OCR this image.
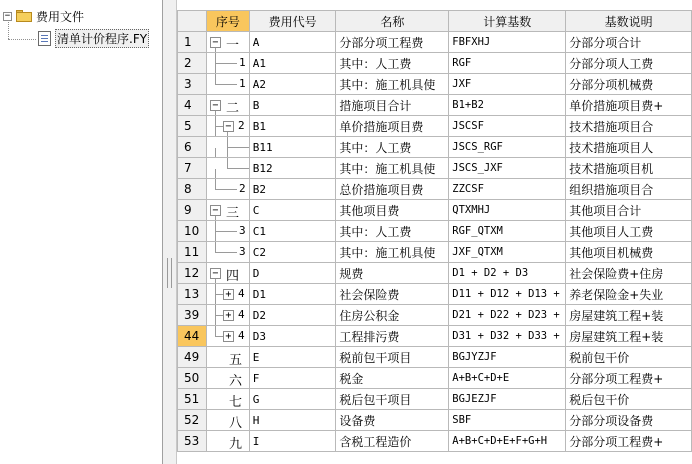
− 费用文件
清单计价程序.FY
	序号	费用代号	名称	计算基数	基数说明
1	− 一	A	分部分项工程费	FBFXHJ	分部分项合计
2	1	A1	其中：人工费	RGF	分部分项人工费
3	1	A2	其中：施工机具使	JXF	分部分项机械费
4	− 二	B	措施项目合计	B1+B2	单价措施项目费+
5	− 2	B1	单价措施项目费	JSCSF	技术措施项目合
6		B11	其中：人工费	JSCS_RGF	技术措施项目人
7		B12	其中：施工机具使	JSCS_JXF	技术措施项目机
8	2	B2	总价措施项目费	ZZCSF	组织措施项目合
9	− 三	C	其他项目费	QTXMHJ	其他项目合计
10	3	C1	其中：人工费	RGF_QTXM	其他项目人工费
11	3	C2	其中：施工机具使	JXF_QTXM	其他项目机械费
12	− 四	D	规费	D1 + D2 + D3	社会保险费+住房
13	+ 4	D1	社会保险费	D11 + D12 + D13 +	养老保险金+失业
39	+ 4	D2	住房公积金	D21 + D22 + D23 +	房屋建筑工程+装
44	+ 4	D3	工程排污费	D31 + D32 + D33 +	房屋建筑工程+装
49	五	E	税前包干项目	BGJYZJF	税前包干价
50	六	F	税金	A+B+C+D+E	分部分项工程费+
51	七	G	税后包干项目	BGJEZJF	税后包干价
52	八	H	设备费	SBF	分部分项设备费
53	九	I	含税工程造价	A+B+C+D+E+F+G+H	分部分项工程费+
